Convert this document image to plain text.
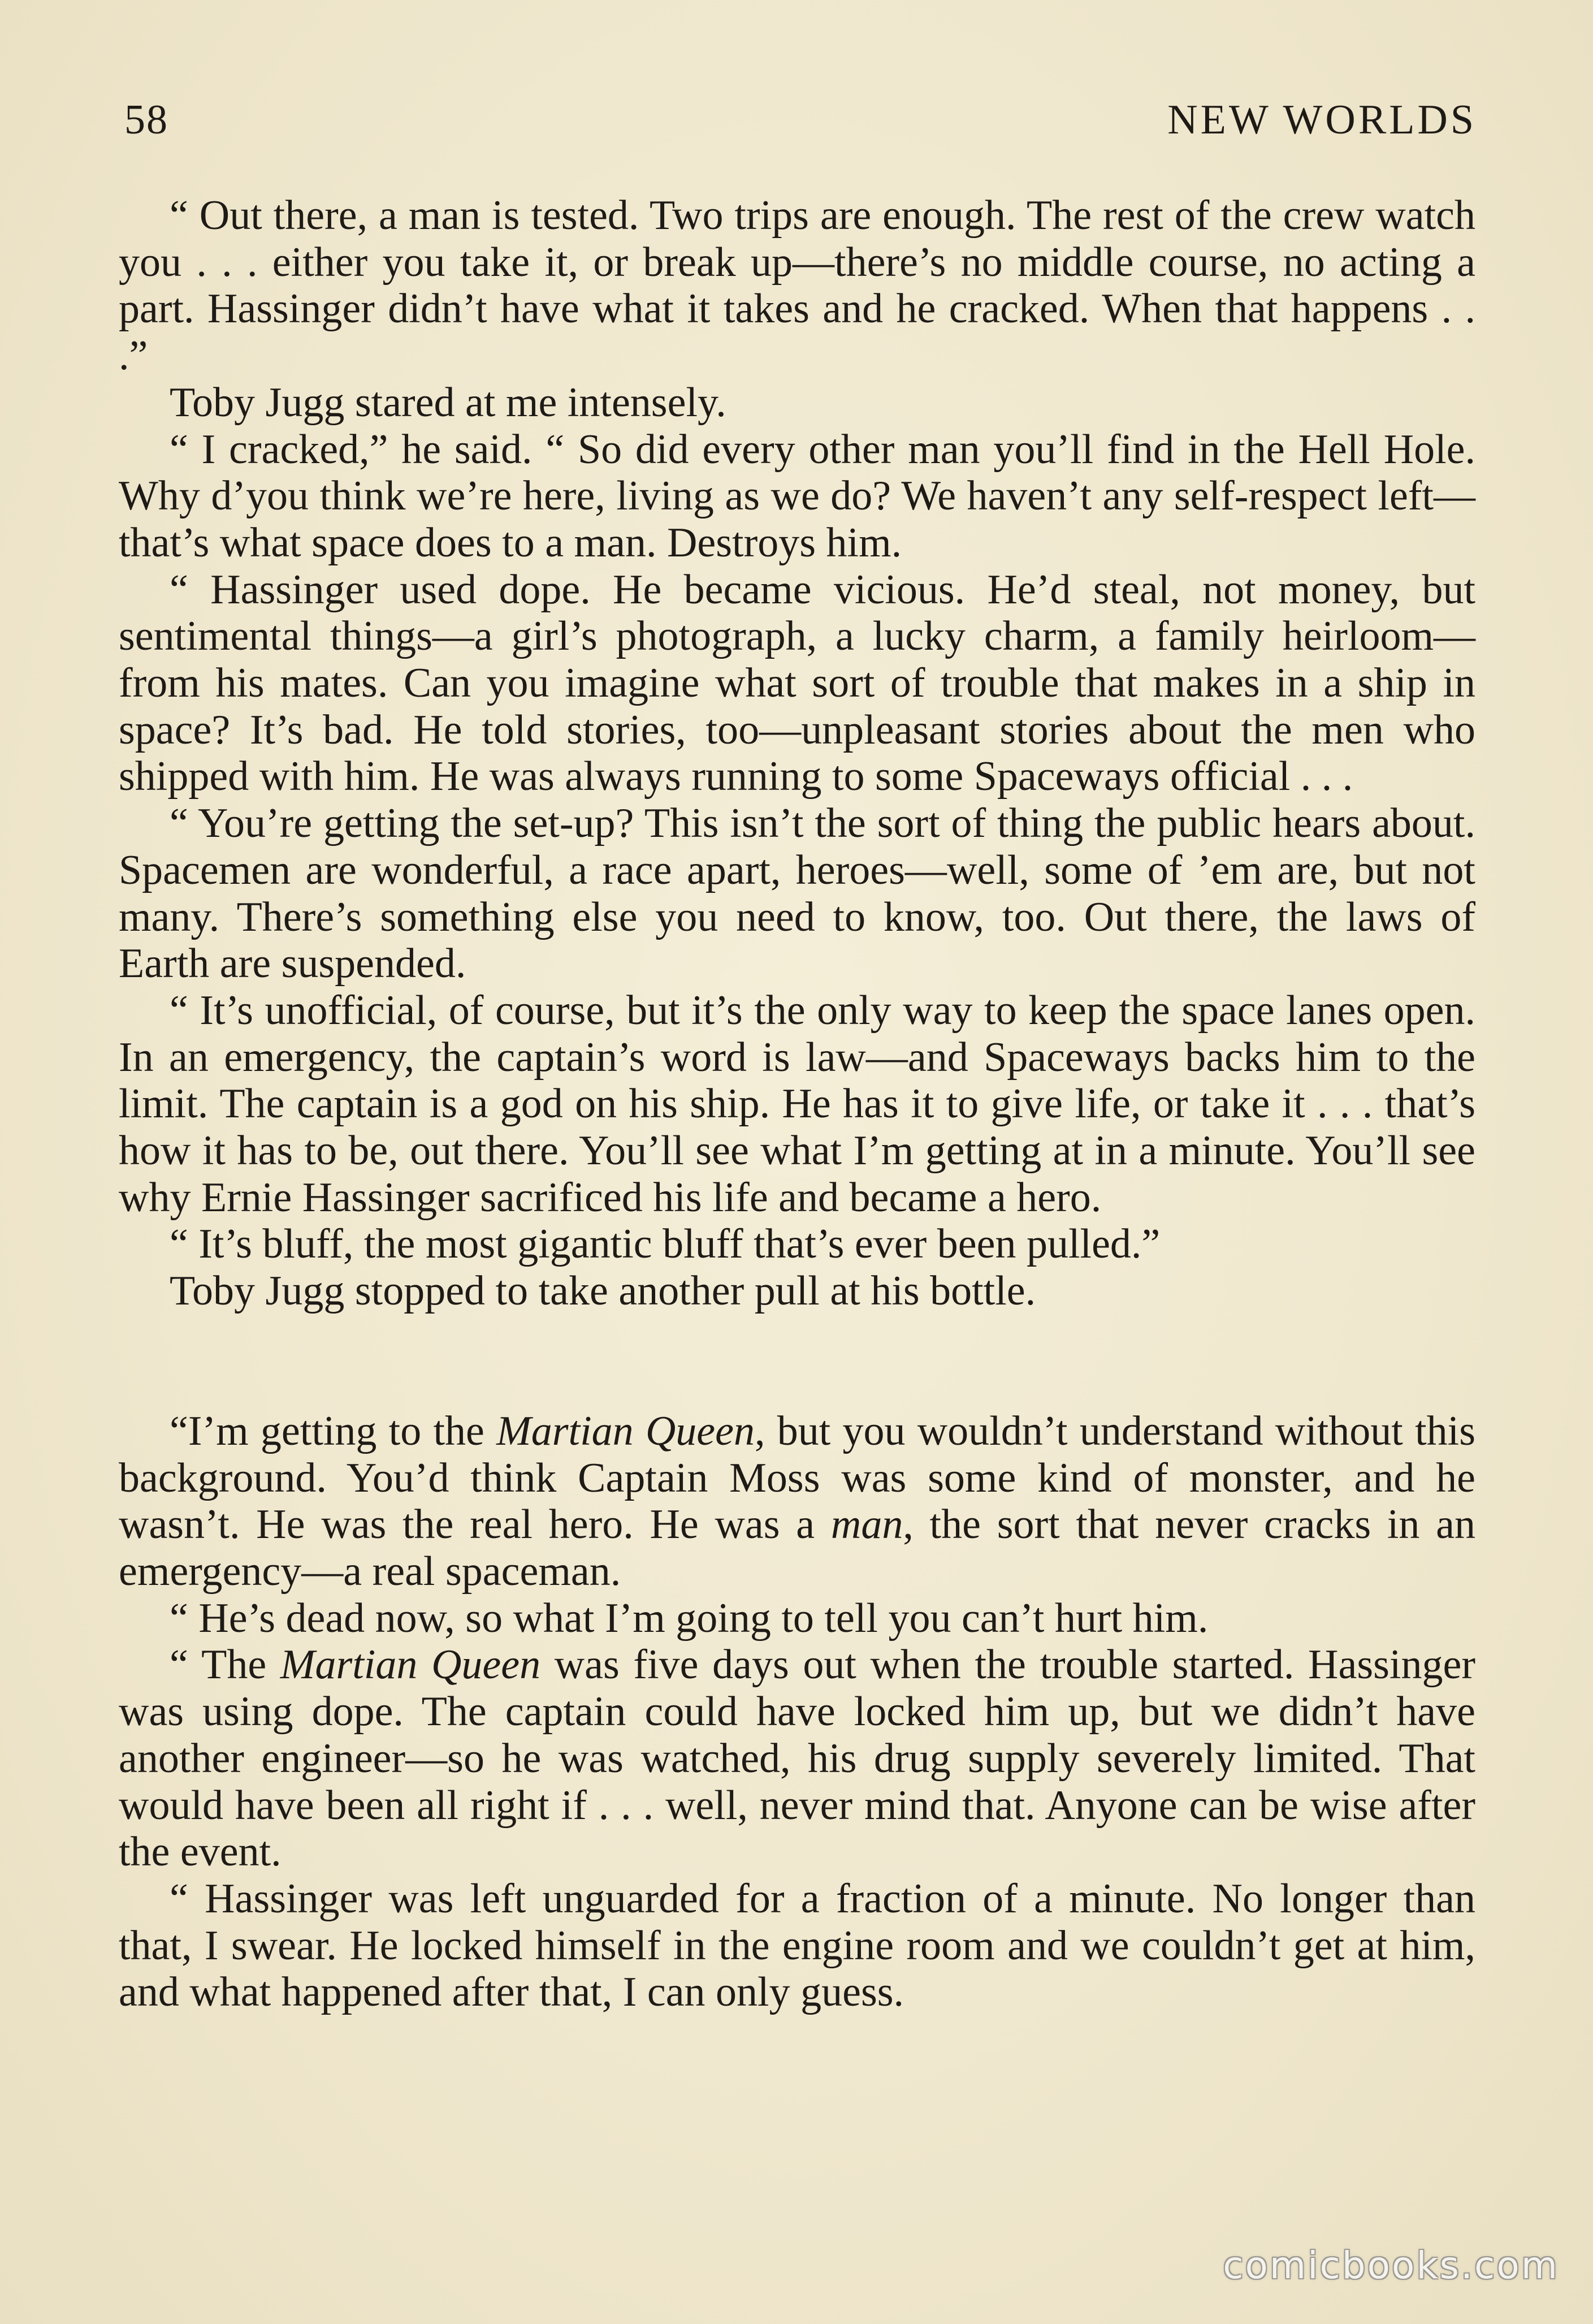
58	NEW WORLDS

“ Out there, a man is tested. Two trips are enough. The rest of the crew watch you . . . either you take it, or break up—there’s no middle course, no acting a part. Hassinger didn’t have what it takes and he cracked. When that happens . . .”

Toby Jugg stared at me intensely.

“ I cracked,” he said. “ So did every other man you’ll find in the Hell Hole. Why d’you think we’re here, living as we do? We haven’t any self-respect left—that’s what space does to a man. Destroys him.

“ Hassinger used dope. He became vicious. He’d steal, not money, but sentimental things—a girl’s photograph, a lucky charm, a family heirloom—from his mates. Can you imagine what sort of trouble that makes in a ship in space? It’s bad. He told stories, too—unpleasant stories about the men who shipped with him. He was always running to some Spaceways official . . .

“ You’re getting the set-up? This isn’t the sort of thing the public hears about. Spacemen are wonderful, a race apart, heroes—well, some of ’em are, but not many. There’s something else you need to know, too. Out there, the laws of Earth are suspended.

“ It’s unofficial, of course, but it’s the only way to keep the space lanes open. In an emergency, the captain’s word is law—and Spaceways backs him to the limit. The captain is a god on his ship. He has it to give life, or take it . . . that’s how it has to be, out there. You’ll see what I’m getting at in a minute. You’ll see why Ernie Hassinger sacrificed his life and became a hero.

“ It’s bluff, the most gigantic bluff that’s ever been pulled.”

Toby Jugg stopped to take another pull at his bottle.

“I’m getting to the Martian Queen, but you wouldn’t understand without this background. You’d think Captain Moss was some kind of monster, and he wasn’t. He was the real hero. He was a man, the sort that never cracks in an emergency—a real spaceman.

“ He’s dead now, so what I’m going to tell you can’t hurt him.

“ The Martian Queen was five days out when the trouble started. Hassinger was using dope. The captain could have locked him up, but we didn’t have another engineer—so he was watched, his drug supply severely limited. That would have been all right if . . . well, never mind that. Anyone can be wise after the event.

“ Hassinger was left unguarded for a fraction of a minute. No longer than that, I swear. He locked himself in the engine room and we couldn’t get at him, and what happened after that, I can only guess.

comicbooks.com
